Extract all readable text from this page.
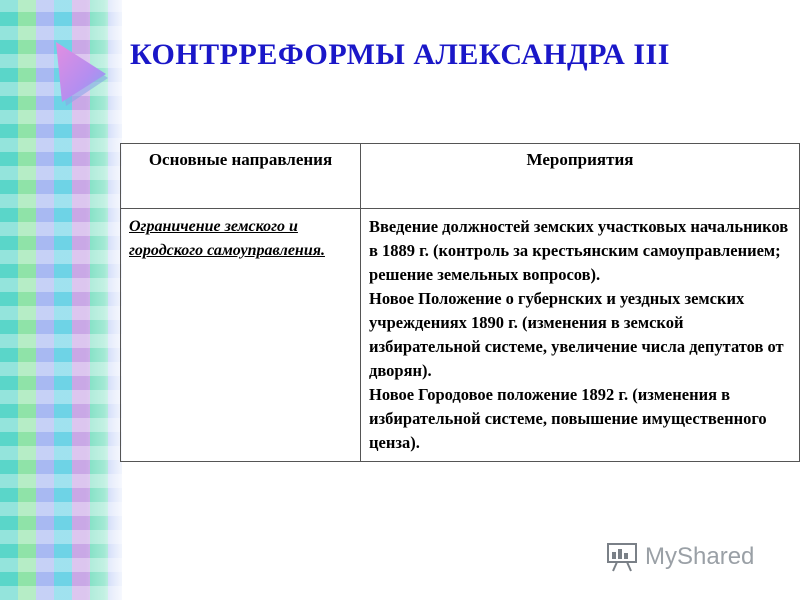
КОНТРРЕФОРМЫ АЛЕКСАНДРА III
Основные направления	Мероприятия
Ограничение земского и городского самоуправления.	Введение должностей земских участковых начальников в 1889 г. (контроль за крестьянским самоуправлением; решение земельных вопросов).

Новое Положение о губернских и уездных земских учреждениях 1890 г. (изменения в земской избирательной системе, увеличение числа депутатов от дворян).

Новое Городовое положение 1892 г. (изменения в избирательной системе, повышение имущественного ценза).

MyShared
